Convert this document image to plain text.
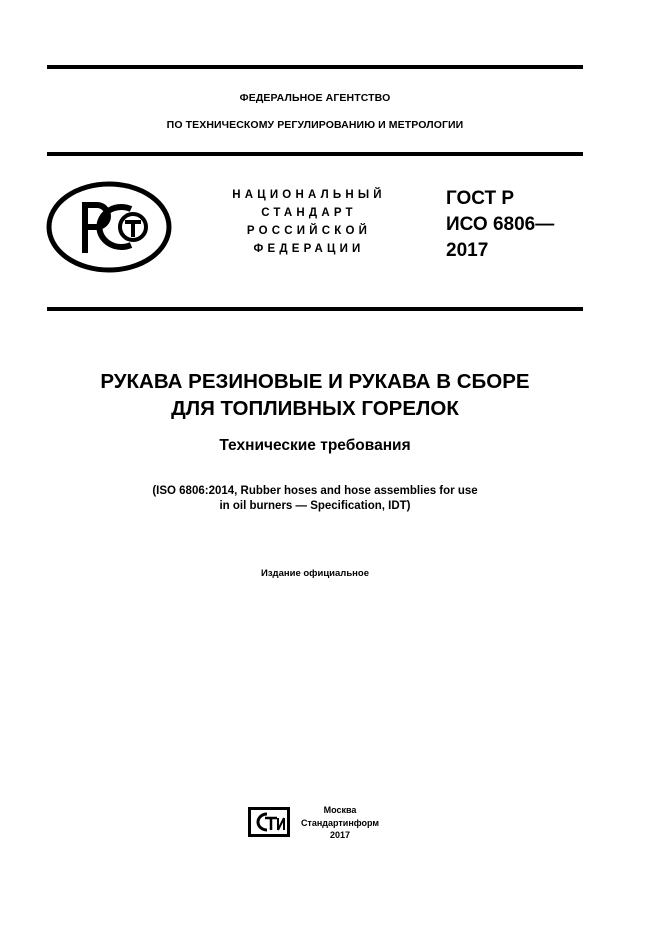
ФЕДЕРАЛЬНОЕ АГЕНТСТВО
ПО ТЕХНИЧЕСКОМУ РЕГУЛИРОВАНИЮ И МЕТРОЛОГИИ
НАЦИОНАЛЬНЫЙ
СТАНДАРТ
РОССИЙСКОЙ
ФЕДЕРАЦИИ
ГОСТ Р
ИСО 6806—
2017
РУКАВА РЕЗИНОВЫЕ И РУКАВА В СБОРЕ
ДЛЯ ТОПЛИВНЫХ ГОРЕЛОК
Технические требования
(ISO 6806:2014, Rubber hoses and hose assemblies for use
in oil burners — Specification, IDT)
Издание официальное
Москва
Стандартинформ
2017
